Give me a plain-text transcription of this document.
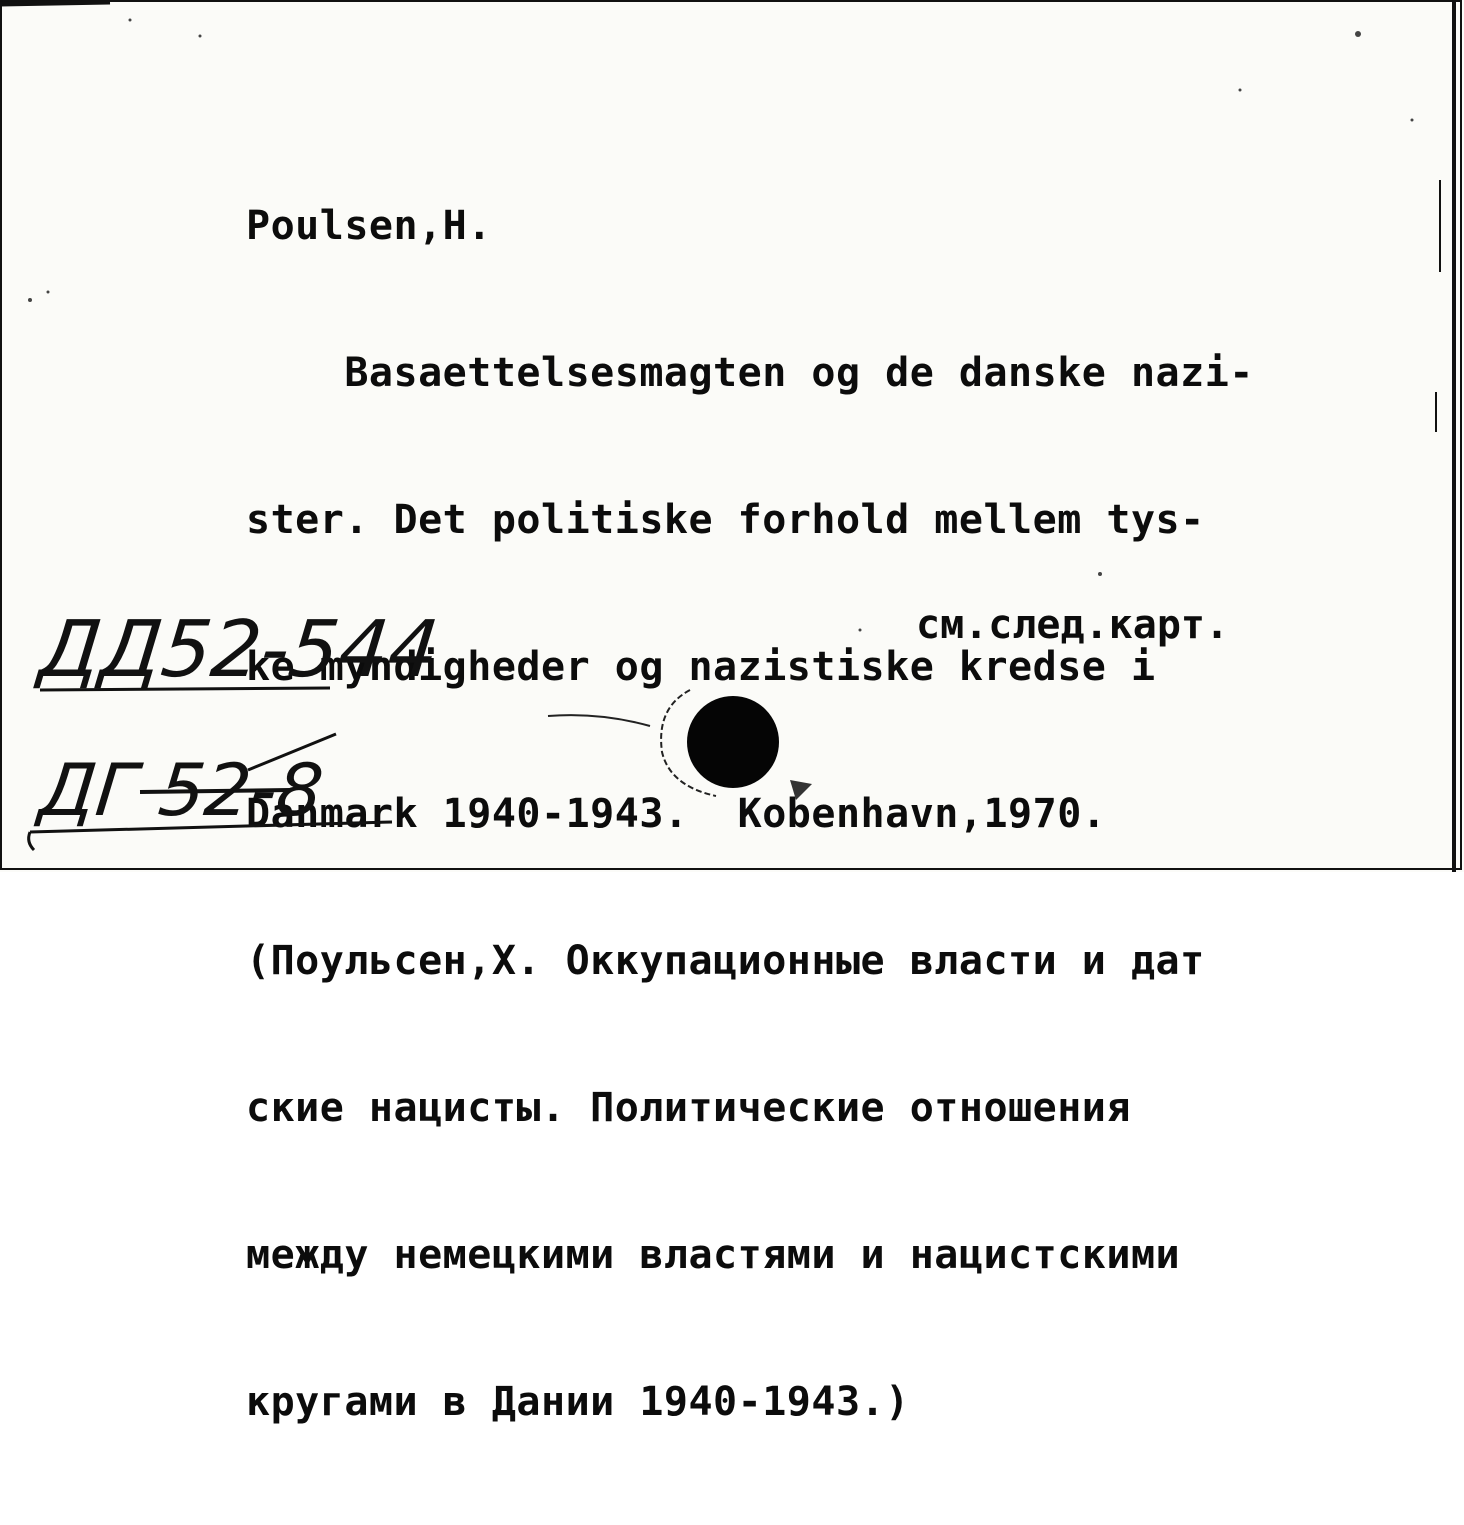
Poulsen,H.

Basaettelsesmagten og de danske nazi-

ster. Det politiske forhold mellem tys-

ke myndigheder og nazistiske kredse i

Danmark 1940-1943.  Kobenhavn,1970.

(Поульсен,Х. Оккупационные власти и дат

ские нацисты. Политические отношения

между немецкими властями и нацистскими

кругами в Дании 1940-1943.)

см.след.карт.
ДД52-544
ДГ 52-8
